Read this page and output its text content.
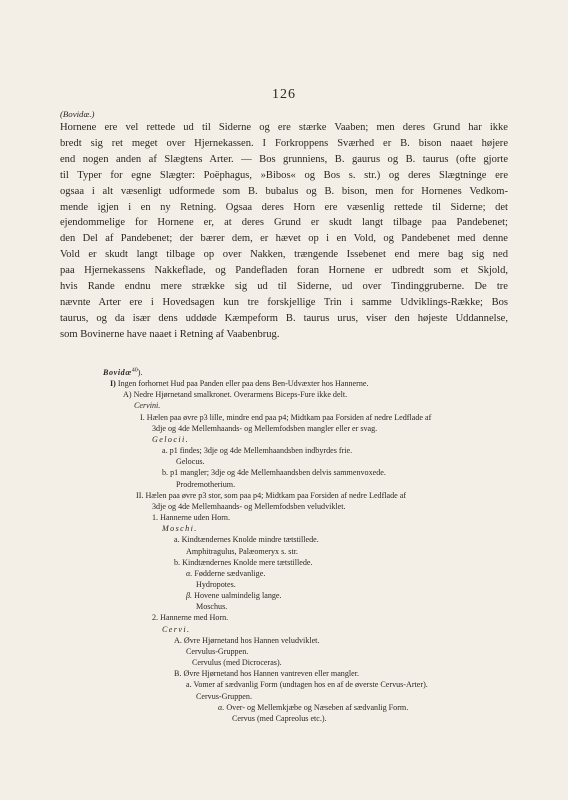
126

(Bovidæ.)

Hornene ere vel rettede ud til Siderne og ere stærke Vaaben; men deres Grund har ikke
bredt sig ret meget over Hjernekassen. I Forkroppens Sværhed er B. bison naaet højere
end nogen anden af Slægtens Arter. — Bos grunniens, B. gaurus og B. taurus (ofte gjorte
til Typer for egne Slægter: Poëphagus, »Bibos« og Bos s. str.) og deres Slægtninge ere
ogsaa i alt væsenligt udformede som B. bubalus og B. bison, men for Hornenes Vedkom-
mende igjen i en ny Retning. Ogsaa deres Horn ere væsenlig rettede til Siderne; det
ejendommelige for Hornene er, at deres Grund er skudt langt tilbage paa Pandebenet;
den Del af Pandebenet; der bærer dem, er hævet op i en Vold, og Pandebenet med denne
Vold er skudt langt tilbage op over Nakken, trængende Issebenet end mere bag sig ned
paa Hjernekassens Nakkeflade, og Pandefladen foran Hornene er udbredt som et Skjold,
hvis Rande endnu mere strække sig ud til Siderne, ud over Tindinggruberne. De tre
nævnte Arter ere i Hovedsagen kun tre forskjellige Trin i samme Udviklings-Række; Bos
taurus, og da især dens uddøde Kæmpeform B. taurus urus, viser den højeste Uddannelse,
som Bovinerne have naaet i Retning af Vaabenbrug.
Bovidæ$^{40}$).
I) Ingen forhornet Hud paa Panden eller paa dens Ben-Udvæxter hos Hannerne.
A) Nedre Hjørnetand smalkronet. Overarmens Biceps-Fure ikke delt.
Cervini.
I. Hælen paa øvre p3 lille, mindre end paa p4; Midtkam paa Forsiden af nedre Ledflade af
3dje og 4de Mellemhaands- og Mellemfodsben mangler eller er svag.
Gelocii.
a. p1 findes; 3dje og 4de Mellemhaandsben indbyrdes frie.
Gelocus.
b. p1 mangler; 3dje og 4de Mellemhaandsben delvis sammenvoxede.
Prodremotherium.
II. Hælen paa øvre p3 stor, som paa p4; Midtkam paa Forsiden af nedre Ledflade af
3dje og 4de Mellemhaands- og Mellemfodsben veludviklet.
1. Hannerne uden Horn.
Moschi.
a. Kindtændernes Knolde mindre tætstillede.
Amphitragulus, Palæomeryx s. str.
b. Kindtændernes Knolde mere tætstillede.
α. Fødderne sædvanlige.
Hydropotes.
β. Hovene ualmindelig lange.
Moschus.
2. Hannerne med Horn.
Cervi.
A. Øvre Hjørnetand hos Hannen veludviklet.
Cervulus-Gruppen.
Cervulus (med Dicroceras).
B. Øvre Hjørnetand hos Hannen vantreven eller mangler.
a. Vomer af sædvanlig Form (undtagen hos en af de øverste Cervus-Arter).
Cervus-Gruppen.
α. Over- og Mellemkjæbe og Næseben af sædvanlig Form.
Cervus (med Capreolus etc.).
